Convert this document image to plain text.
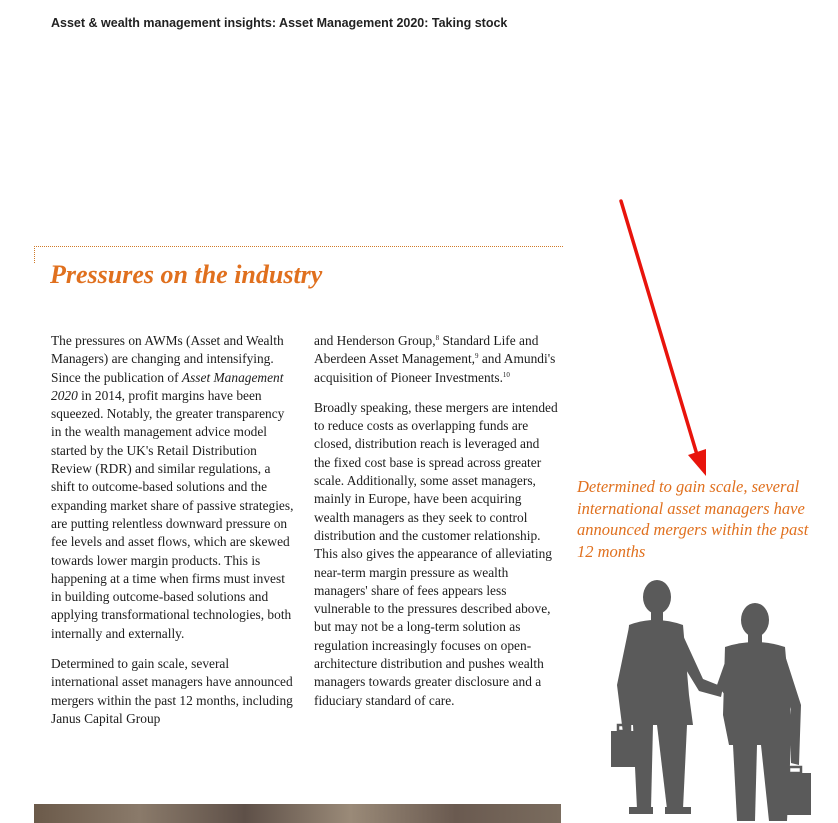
Asset & wealth management insights: Asset Management 2020: Taking stock
Pressures on the industry

The pressures on AWMs (Asset and Wealth Managers) are changing and intensifying. Since the publication of Asset Management 2020 in 2014, profit margins have been squeezed. Notably, the greater transparency in the wealth management advice model started by the UK's Retail Distribution Review (RDR) and similar regulations, a shift to outcome-based solutions and the expanding market share of passive strategies, are putting relentless downward pressure on fee levels and asset flows, which are skewed towards lower margin products. This is happening at a time when firms must invest in building outcome-based solutions and applying transformational technologies, both internally and externally.

Determined to gain scale, several international asset managers have announced mergers within the past 12 months, including Janus Capital Group

and Henderson Group,$^8$ Standard Life and Aberdeen Asset Management,$^9$ and Amundi's acquisition of Pioneer Investments.$^{10}$

Broadly speaking, these mergers are intended to reduce costs as overlapping funds are closed, distribution reach is leveraged and the fixed cost base is spread across greater scale. Additionally, some asset managers, mainly in Europe, have been acquiring wealth managers as they seek to control distribution and the customer relationship. This also gives the appearance of alleviating near-term margin pressure as wealth managers' share of fees appears less vulnerable to the pressures described above, but may not be a long-term solution as regulation increasingly focuses on open-architecture distribution and pushes wealth managers towards greater disclosure and a fiduciary standard of care.

Determined to gain scale, several international asset managers have announced mergers within the past 12 months
